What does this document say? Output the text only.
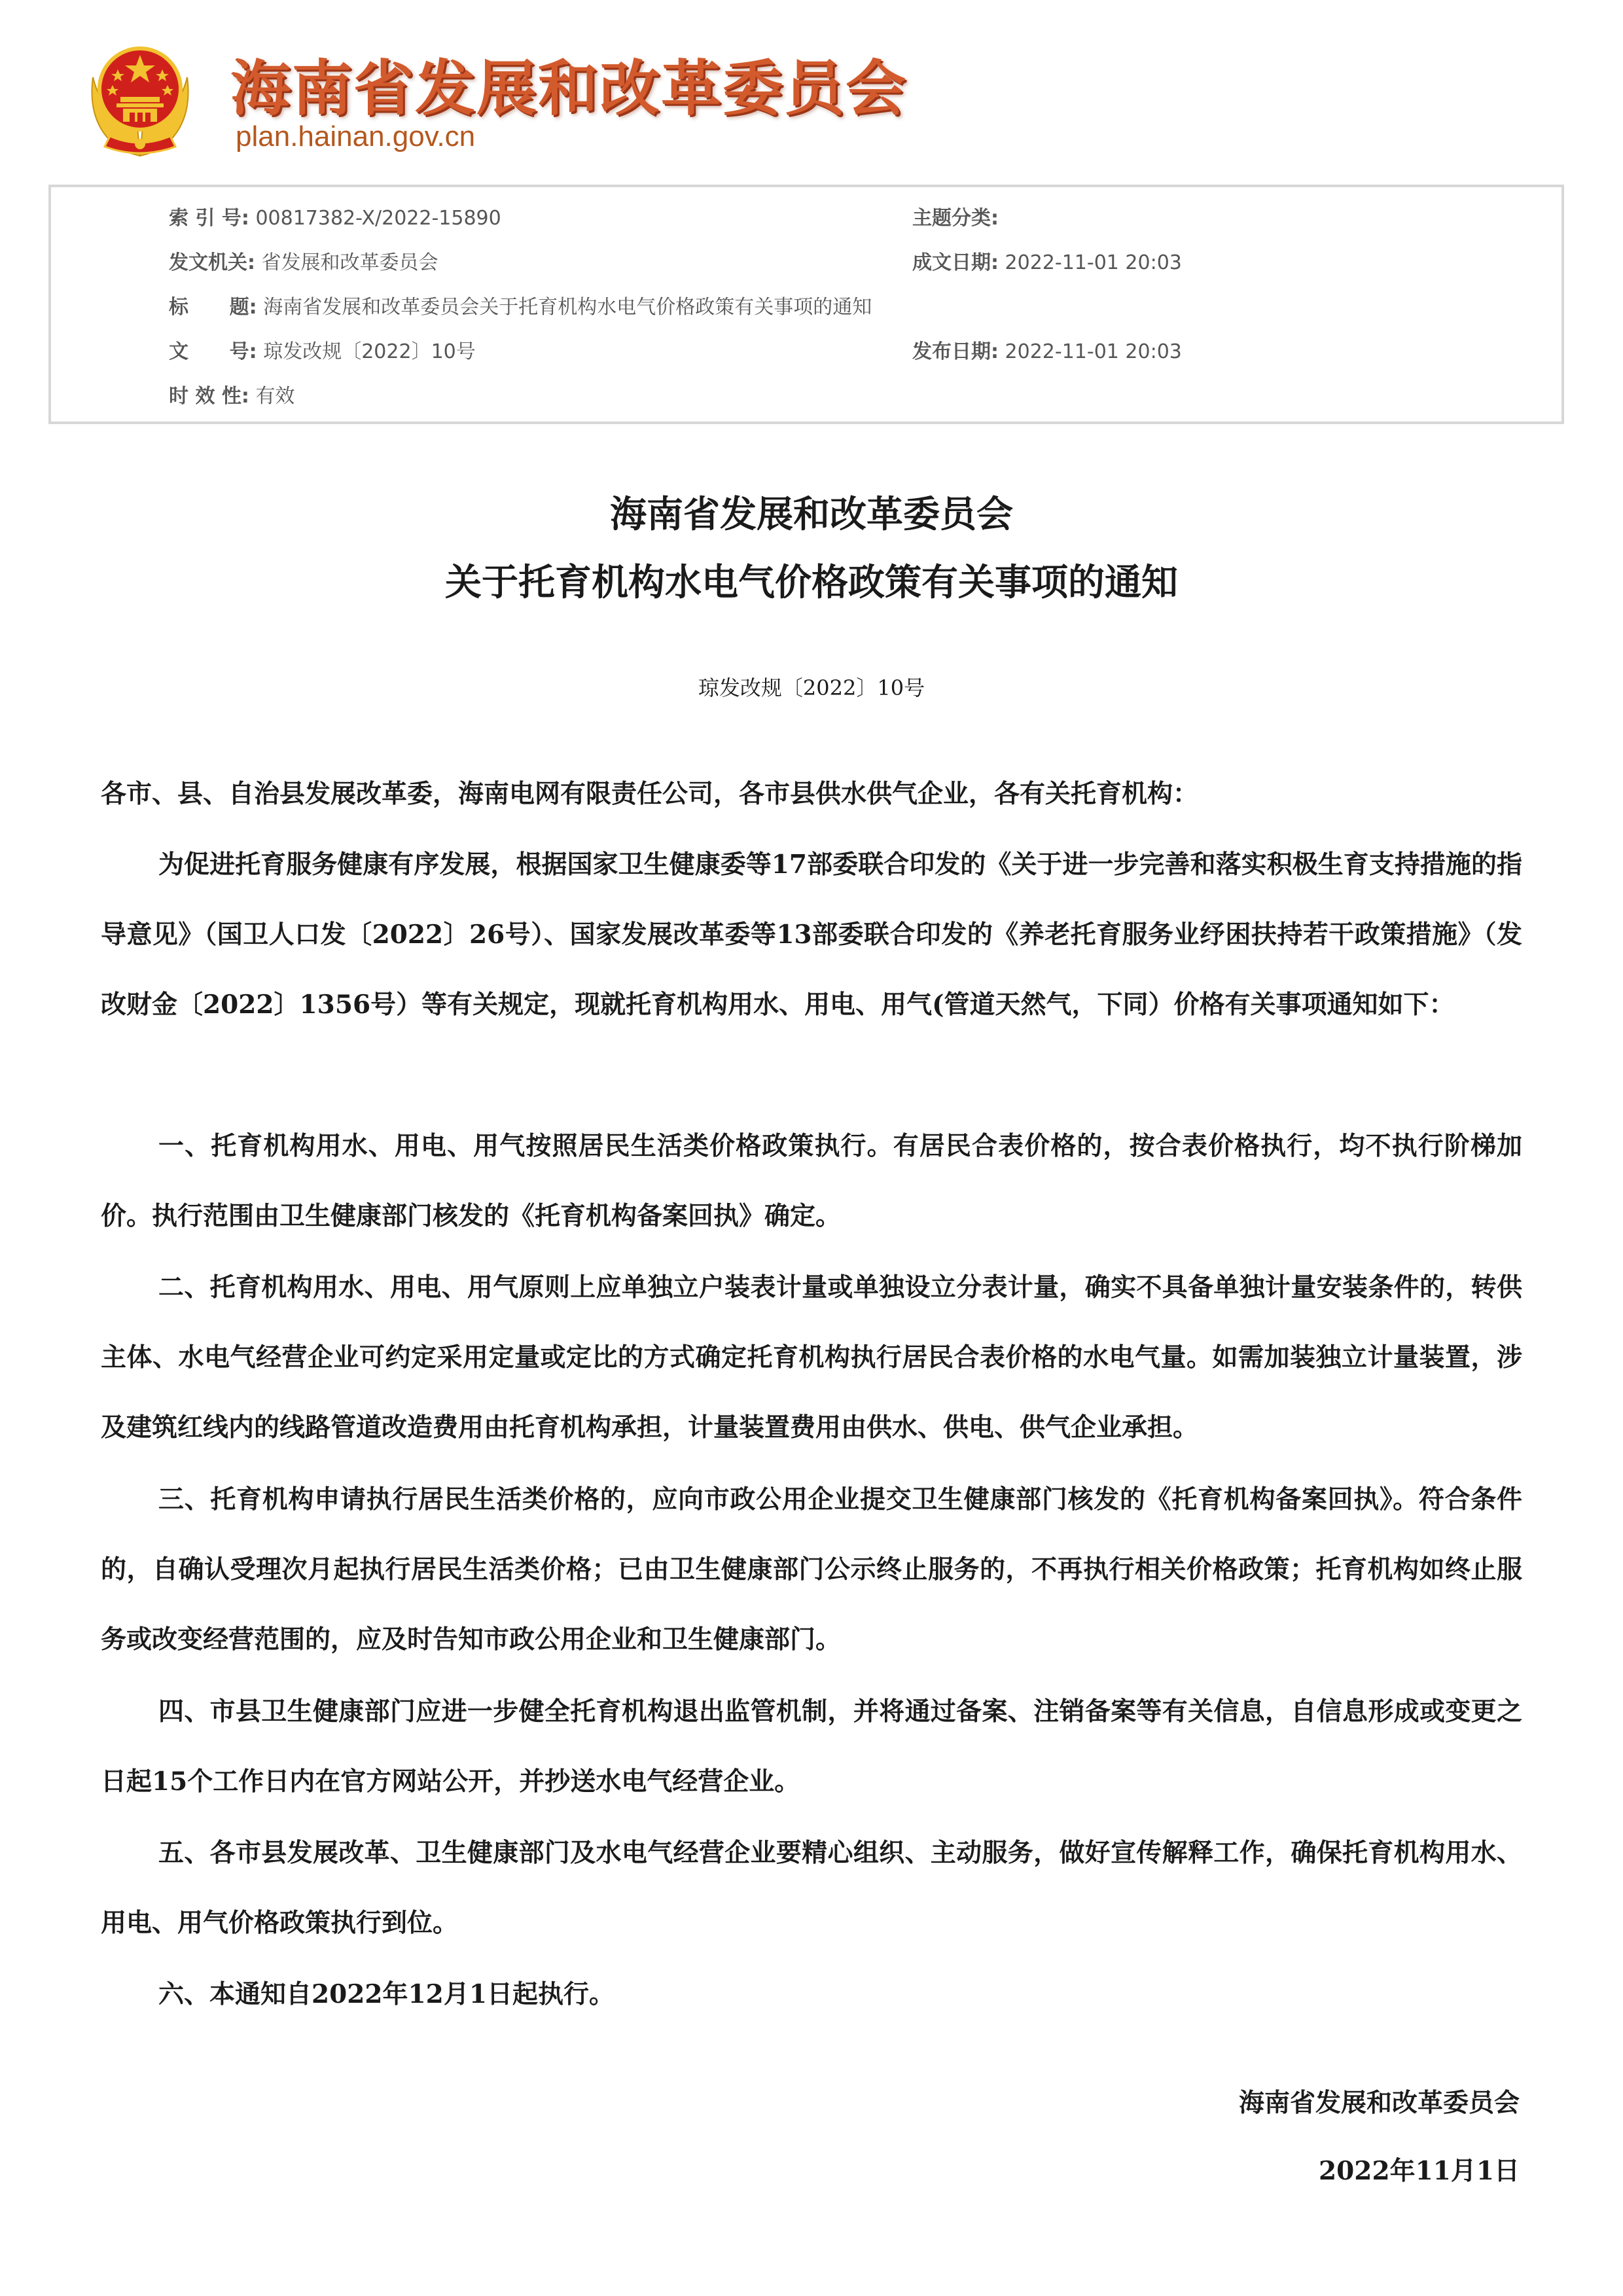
海南省发展和改革委员会
plan.hainan.gov.cn
索 引 号: 00817382-X/2022-15890	主题分类:
发文机关: 省发展和改革委员会	成文日期: 2022-11-01 20:03
标      题: 海南省发展和改革委员会关于托育机构水电气价格政策有关事项的通知
文      号: 琼发改规〔2022〕10号	发布日期: 2022-11-01 20:03
时 效 性: 有效
海南省发展和改革委员会
关于托育机构水电气价格政策有关事项的通知
琼发改规〔2022〕10号

各市、县、自治县发展改革委，海南电网有限责任公司，各市县供水供气企业，各有关托育机构：

为促进托育服务健康有序发展，根据国家卫生健康委等17部委联合印发的《关于进一步完善和落实积极生育支持措施的指导意见》（国卫人口发〔2022〕26号）、国家发展改革委等13部委联合印发的《养老托育服务业纾困扶持若干政策措施》（发改财金〔2022〕1356号）等有关规定，现就托育机构用水、用电、用气(管道天然气，下同）价格有关事项通知如下：

一、托育机构用水、用电、用气按照居民生活类价格政策执行。有居民合表价格的，按合表价格执行，均不执行阶梯加价。执行范围由卫生健康部门核发的《托育机构备案回执》确定。

二、托育机构用水、用电、用气原则上应单独立户装表计量或单独设立分表计量，确实不具备单独计量安装条件的，转供主体、水电气经营企业可约定采用定量或定比的方式确定托育机构执行居民合表价格的水电气量。如需加装独立计量装置，涉及建筑红线内的线路管道改造费用由托育机构承担，计量装置费用由供水、供电、供气企业承担。

三、托育机构申请执行居民生活类价格的，应向市政公用企业提交卫生健康部门核发的《托育机构备案回执》。符合条件的，自确认受理次月起执行居民生活类价格；已由卫生健康部门公示终止服务的，不再执行相关价格政策；托育机构如终止服务或改变经营范围的，应及时告知市政公用企业和卫生健康部门。

四、市县卫生健康部门应进一步健全托育机构退出监管机制，并将通过备案、注销备案等有关信息，自信息形成或变更之日起15个工作日内在官方网站公开，并抄送水电气经营企业。

五、各市县发展改革、卫生健康部门及水电气经营企业要精心组织、主动服务，做好宣传解释工作，确保托育机构用水、用电、用气价格政策执行到位。

六、本通知自2022年12月1日起执行。

海南省发展和改革委员会
2022年11月1日
